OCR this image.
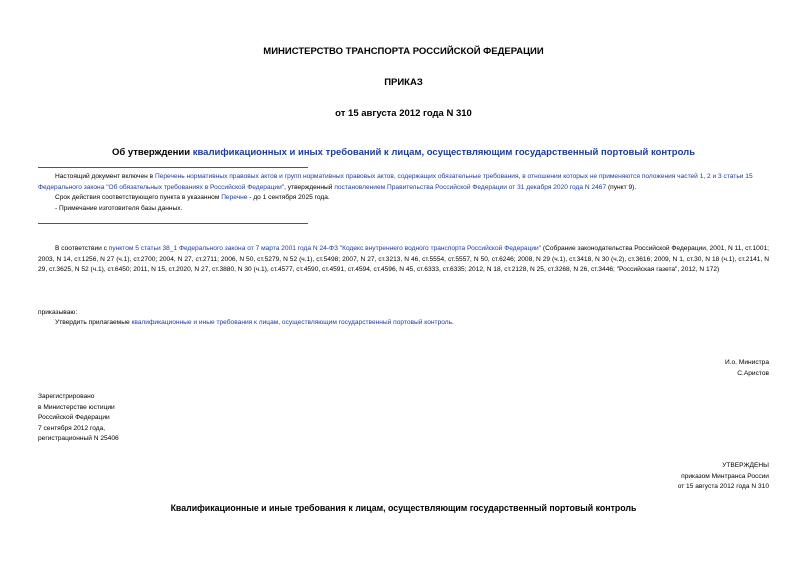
МИНИСТЕРСТВО ТРАНСПОРТА РОССИЙСКОЙ ФЕДЕРАЦИИ
ПРИКАЗ
от 15 августа 2012 года N 310
Об утверждении квалификационных и иных требований к лицам, осуществляющим государственный портовый контроль
Настоящий документ включен в Перечень нормативных правовых актов и групп нормативных правовых актов, содержащих обязательные требования, в отношении которых не применяются положения частей 1, 2 и 3 статьи 15 Федерального закона "Об обязательных требованиях в Российской Федерации", утвержденный постановлением Правительства Российской Федерации от 31 декабря 2020 года N 2467 (пункт 9).
Срок действия соответствующего пункта в указанном Перечне - до 1 сентября 2025 года.
- Примечание изготовителя базы данных.
В соответствии с пунктом 5 статьи 38_1 Федерального закона от 7 марта 2001 года N 24-ФЗ "Кодекс внутреннего водного транспорта Российской Федерации" (Собрание законодательства Российской Федерации, 2001, N 11, ст.1001; 2003, N 14, ст.1256, N 27 (ч.1), ст.2700; 2004, N 27, ст.2711; 2006, N 50, ст.5279, N 52 (ч.1), ст.5498; 2007, N 27, ст.3213, N 46, ст.5554, ст.5557, N 50, ст.6246; 2008, N 29 (ч.1), ст.3418, N 30 (ч.2), ст.3616; 2009, N 1, ст.30, N 18 (ч.1), ст.2141, N 29, ст.3625, N 52 (ч.1), ст.6450; 2011, N 15, ст.2020, N 27, ст.3880, N 30 (ч.1), ст.4577, ст.4590, ст.4591, ст.4594, ст.4596, N 45, ст.6333, ст.6335; 2012, N 18, ст.2128, N 25, ст.3268, N 26, ст.3446; "Российская газета", 2012, N 172)
приказываю:
Утвердить прилагаемые квалификационные и иные требования к лицам, осуществляющим государственный портовый контроль.
И.о. Министра
С.Аристов
Зарегистрировано
в Министерстве юстиции
Российской Федерации
7 сентября 2012 года,
регистрационный N 25406
УТВЕРЖДЕНЫ
приказом Минтранса России
от 15 августа 2012 года N 310
Квалификационные и иные требования к лицам, осуществляющим государственный портовый контроль
